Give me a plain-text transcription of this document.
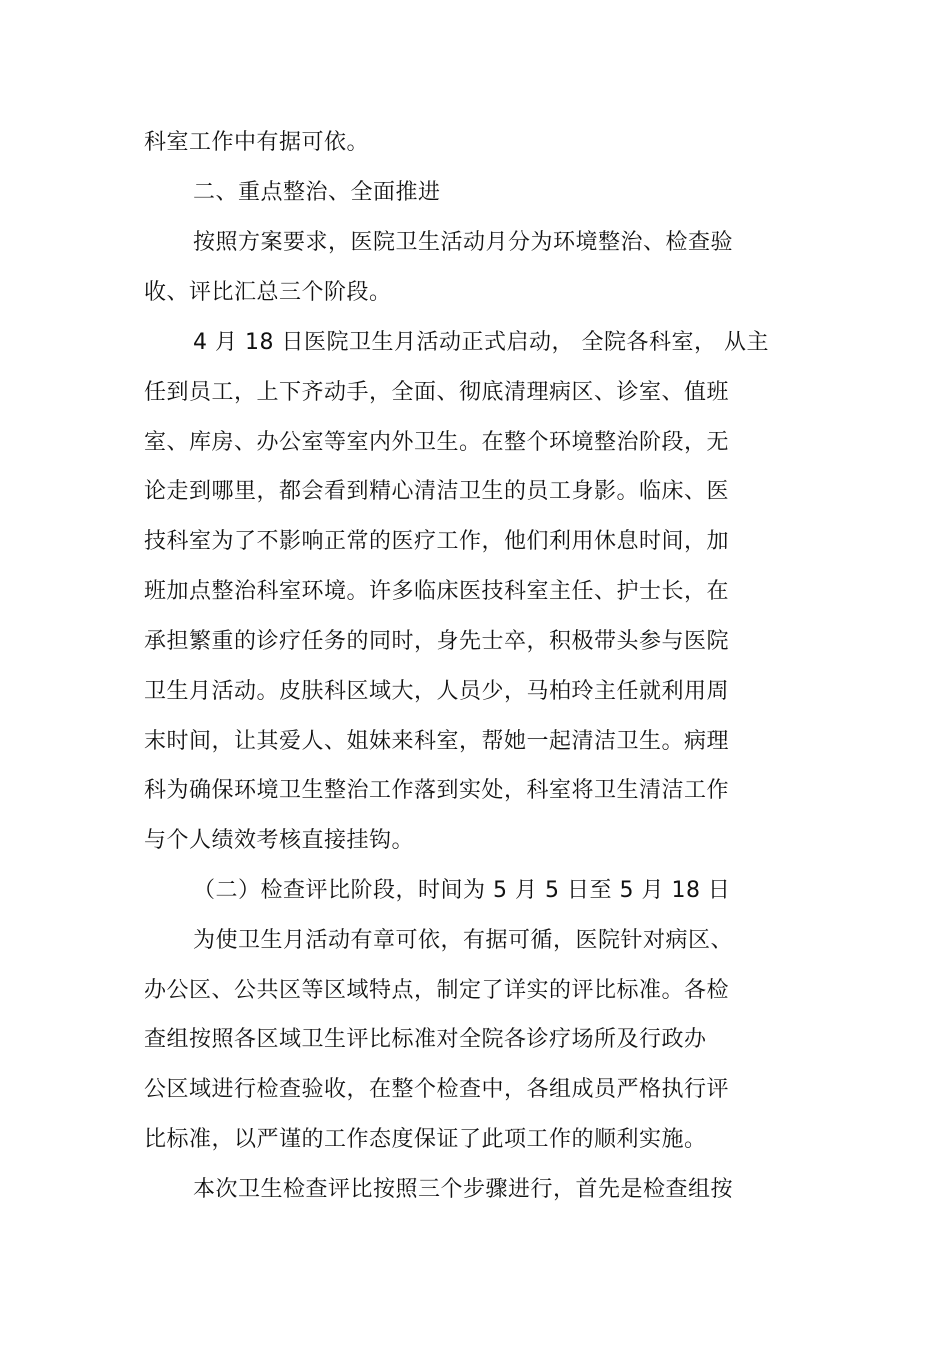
科室工作中有据可依。
二、重点整治、全面推进
按照方案要求，医院卫生活动月分为环境整治、检查验
收、评比汇总三个阶段。
4 月 18 日医院卫生月活动正式启动， 全院各科室， 从主
任到员工，上下齐动手，全面、彻底清理病区、诊室、值班
室、库房、办公室等室内外卫生。在整个环境整治阶段，无
论走到哪里，都会看到精心清洁卫生的员工身影。临床、医
技科室为了不影响正常的医疗工作，他们利用休息时间，加
班加点整治科室环境。许多临床医技科室主任、护士长，在
承担繁重的诊疗任务的同时，身先士卒，积极带头参与医院
卫生月活动。皮肤科区域大，人员少，马柏玲主任就利用周
末时间，让其爱人、姐妹来科室，帮她一起清洁卫生。病理
科为确保环境卫生整治工作落到实处，科室将卫生清洁工作
与个人绩效考核直接挂钩。
（二）检查评比阶段，时间为 5 月 5 日至 5 月 18 日
为使卫生月活动有章可依，有据可循，医院针对病区、
办公区、公共区等区域特点，制定了详实的评比标准。各检
查组按照各区域卫生评比标准对全院各诊疗场所及行政办
公区域进行检查验收，在整个检查中，各组成员严格执行评
比标准，以严谨的工作态度保证了此项工作的顺利实施。
本次卫生检查评比按照三个步骤进行，首先是检查组按
